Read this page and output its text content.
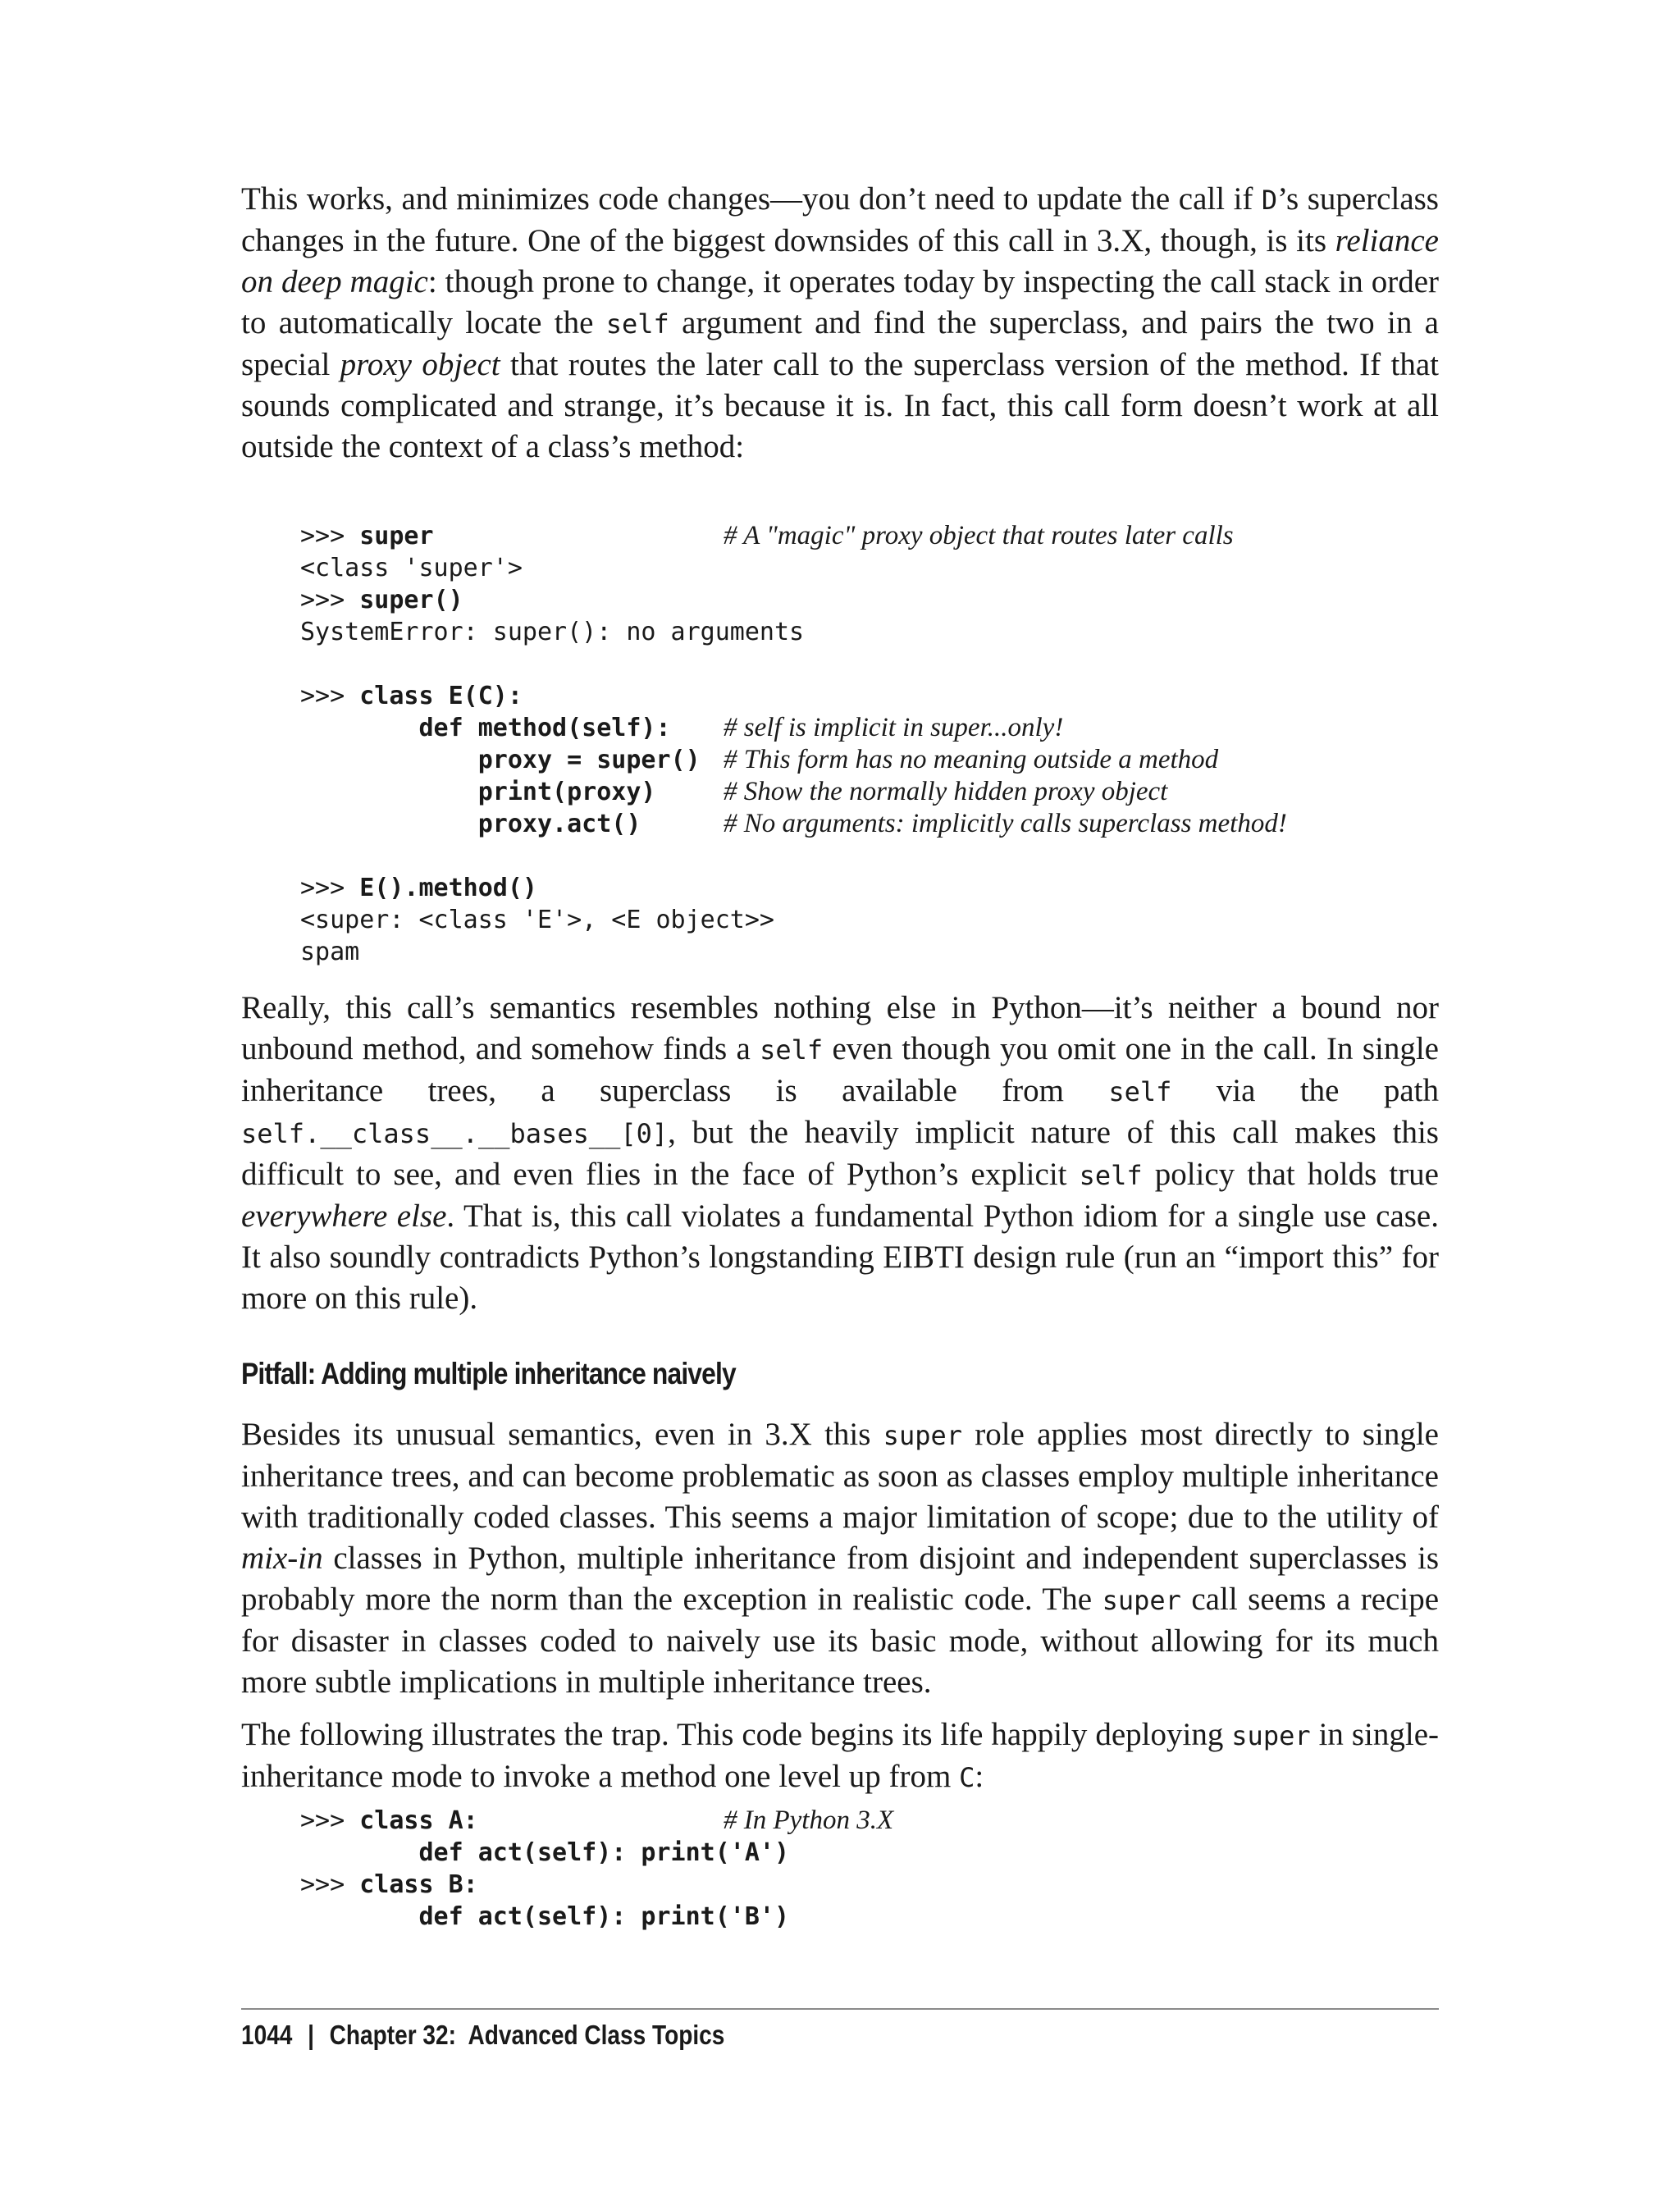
This works, and minimizes code changes—you don’t need to update the call if D’s superclass changes in the future. One of the biggest downsides of this call in 3.X, though, is its reliance on deep magic: though prone to change, it operates today by inspecting the call stack in order to automatically locate the self argument and find the superclass, and pairs the two in a special proxy object that routes the later call to the superclass version of the method. If that sounds complicated and strange, it’s because it is. In fact, this call form doesn’t work at all outside the context of a class’s method:

>>> super	# A "magic" proxy object that routes later calls
<class 'super'>
>>> super()
SystemError: super(): no arguments
>>> class E(C):
def method(self): # self is implicit in super...only!
proxy = super() # This form has no meaning outside a method
print(proxy)	# Show the normally hidden proxy object
proxy.act()	# No arguments: implicitly calls superclass method!
>>> E().method()
<super: <class 'E'>, <E object>>
spam

Really, this call’s semantics resembles nothing else in Python—it’s neither a bound nor unbound method, and somehow finds a self even though you omit one in the call. In single inheritance trees, a superclass is available from self via the path self.__class__.__bases__[0], but the heavily implicit nature of this call makes this difficult to see, and even flies in the face of Python’s explicit self policy that holds true everywhere else. That is, this call violates a fundamental Python idiom for a single use case. It also soundly contradicts Python’s longstanding EIBTI design rule (run an “import this” for more on this rule).

Pitfall: Adding multiple inheritance naively

Besides its unusual semantics, even in 3.X this super role applies most directly to single inheritance trees, and can become problematic as soon as classes employ multiple inheritance with traditionally coded classes. This seems a major limitation of scope; due to the utility of mix-in classes in Python, multiple inheritance from disjoint and independent superclasses is probably more the norm than the exception in realistic code. The super call seems a recipe for disaster in classes coded to naively use its basic mode, without allowing for its much more subtle implications in multiple inheritance trees.

The following illustrates the trap. This code begins its life happily deploying super in single-inheritance mode to invoke a method one level up from C:

>>> class A:	# In Python 3.X
def act(self): print('A')
>>> class B:
def act(self): print('B')
1044 | Chapter 32:  Advanced Class Topics
